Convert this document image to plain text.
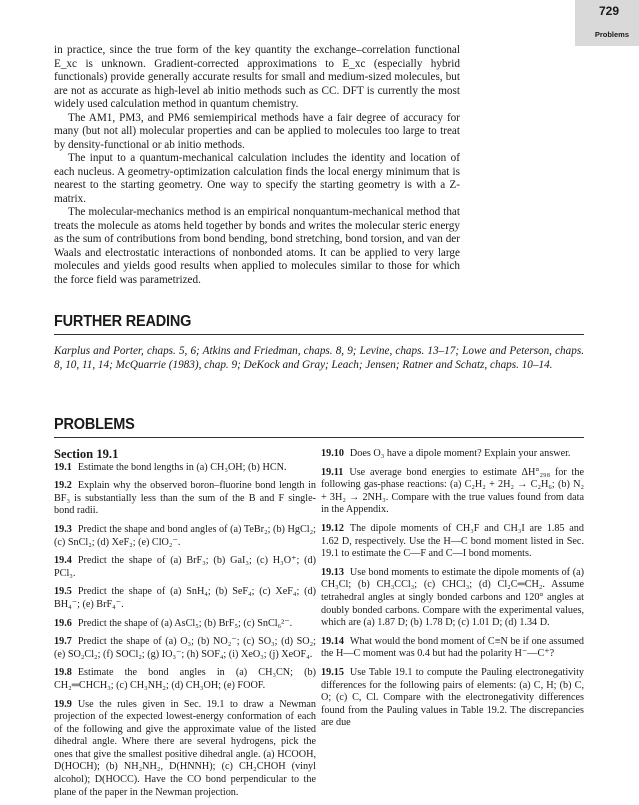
729
Problems

in practice, since the true form of the key quantity the exchange–correlation functional E_xc is unknown. Gradient-corrected approximations to E_xc (especially hybrid functionals) provide generally accurate results for small and medium-sized molecules, but are not as accurate as high-level ab initio methods such as CC. DFT is currently the most widely used calculation method in quantum chemistry.

The AM1, PM3, and PM6 semiempirical methods have a fair degree of accuracy for many (but not all) molecular properties and can be applied to molecules too large to treat by density-functional or ab initio methods.

The input to a quantum-mechanical calculation includes the identity and location of each nucleus. A geometry-optimization calculation finds the local energy minimum that is nearest to the starting geometry. One way to specify the starting geometry is with a Z-matrix.

The molecular-mechanics method is an empirical nonquantum-mechanical method that treats the molecule as atoms held together by bonds and writes the molecular steric energy as the sum of contributions from bond bending, bond stretching, bond torsion, and van der Waals and electrostatic interactions of nonbonded atoms. It can be applied to very large molecules and yields good results when applied to molecules similar to those for which the force field was parametrized.

FURTHER READING
Karplus and Porter, chaps. 5, 6; Atkins and Friedman, chaps. 8, 9; Levine, chaps. 13–17; Lowe and Peterson, chaps. 8, 10, 11, 14; McQuarrie (1983), chap. 9; DeKock and Gray; Leach; Jensen; Ratner and Schatz, chaps. 10–14.
PROBLEMS
Section 19.1
19.1 Estimate the bond lengths in (a) CH₃OH; (b) HCN.
19.2 Explain why the observed boron–fluorine bond length in BF₃ is substantially less than the sum of the B and F single-bond radii.
19.3 Predict the shape and bond angles of (a) TeBr₂; (b) HgCl₂; (c) SnCl₂; (d) XeF₂; (e) ClO₂⁻.
19.4 Predict the shape of (a) BrF₃; (b) GaI₃; (c) H₃O⁺; (d) PCl₃.
19.5 Predict the shape of (a) SnH₄; (b) SeF₄; (c) XeF₄; (d) BH₄⁻; (e) BrF₄⁻.
19.6 Predict the shape of (a) AsCl₅; (b) BrF₅; (c) SnCl₆²⁻.
19.7 Predict the shape of (a) O₃; (b) NO₂⁻; (c) SO₃; (d) SO₂; (e) SO₂Cl₂; (f) SOCl₂; (g) IO₃⁻; (h) SOF₄; (i) XeO₃; (j) XeOF₄.
19.8 Estimate the bond angles in (a) CH₃CN; (b) CH₂═CHCH₃; (c) CH₃NH₂; (d) CH₃OH; (e) FOOF.
19.9 Use the rules given in Sec. 19.1 to draw a Newman projection of the expected lowest-energy conformation of each of the following and give the approximate value of the listed dihedral angle. Where there are several hydrogens, pick the ones that give the smallest positive dihedral angle. (a) HCOOH, D(HOCH); (b) NH₂NH₂, D(HNNH); (c) CH₂CHOH (vinyl alcohol); D(HOCC). Have the CO bond perpendicular to the plane of the paper in the Newman projection.
19.10 Does O₃ have a dipole moment? Explain your answer.
19.11 Use average bond energies to estimate ΔH°₂₉₈ for the following gas-phase reactions: (a) C₂H₂ + 2H₂ → C₂H₆; (b) N₂ + 3H₂ → 2NH₃. Compare with the true values found from data in the Appendix.
19.12 The dipole moments of CH₃F and CH₃I are 1.85 and 1.62 D, respectively. Use the H—C bond moment listed in Sec. 19.1 to estimate the C—F and C—I bond moments.
19.13 Use bond moments to estimate the dipole moments of (a) CH₃Cl; (b) CH₃CCl₃; (c) CHCl₃; (d) Cl₂C═CH₂. Assume tetrahedral angles at singly bonded carbons and 120° angles at doubly bonded carbons. Compare with the experimental values, which are (a) 1.87 D; (b) 1.78 D; (c) 1.01 D; (d) 1.34 D.
19.14 What would the bond moment of C≡N be if one assumed the H—C moment was 0.4 but had the polarity H⁻—C⁺?
19.15 Use Table 19.1 to compute the Pauling electronegativity differences for the following pairs of elements: (a) C, H; (b) C, O; (c) C, Cl. Compare with the electronegativity differences found from the Pauling values in Table 19.2. The discrepancies are due
